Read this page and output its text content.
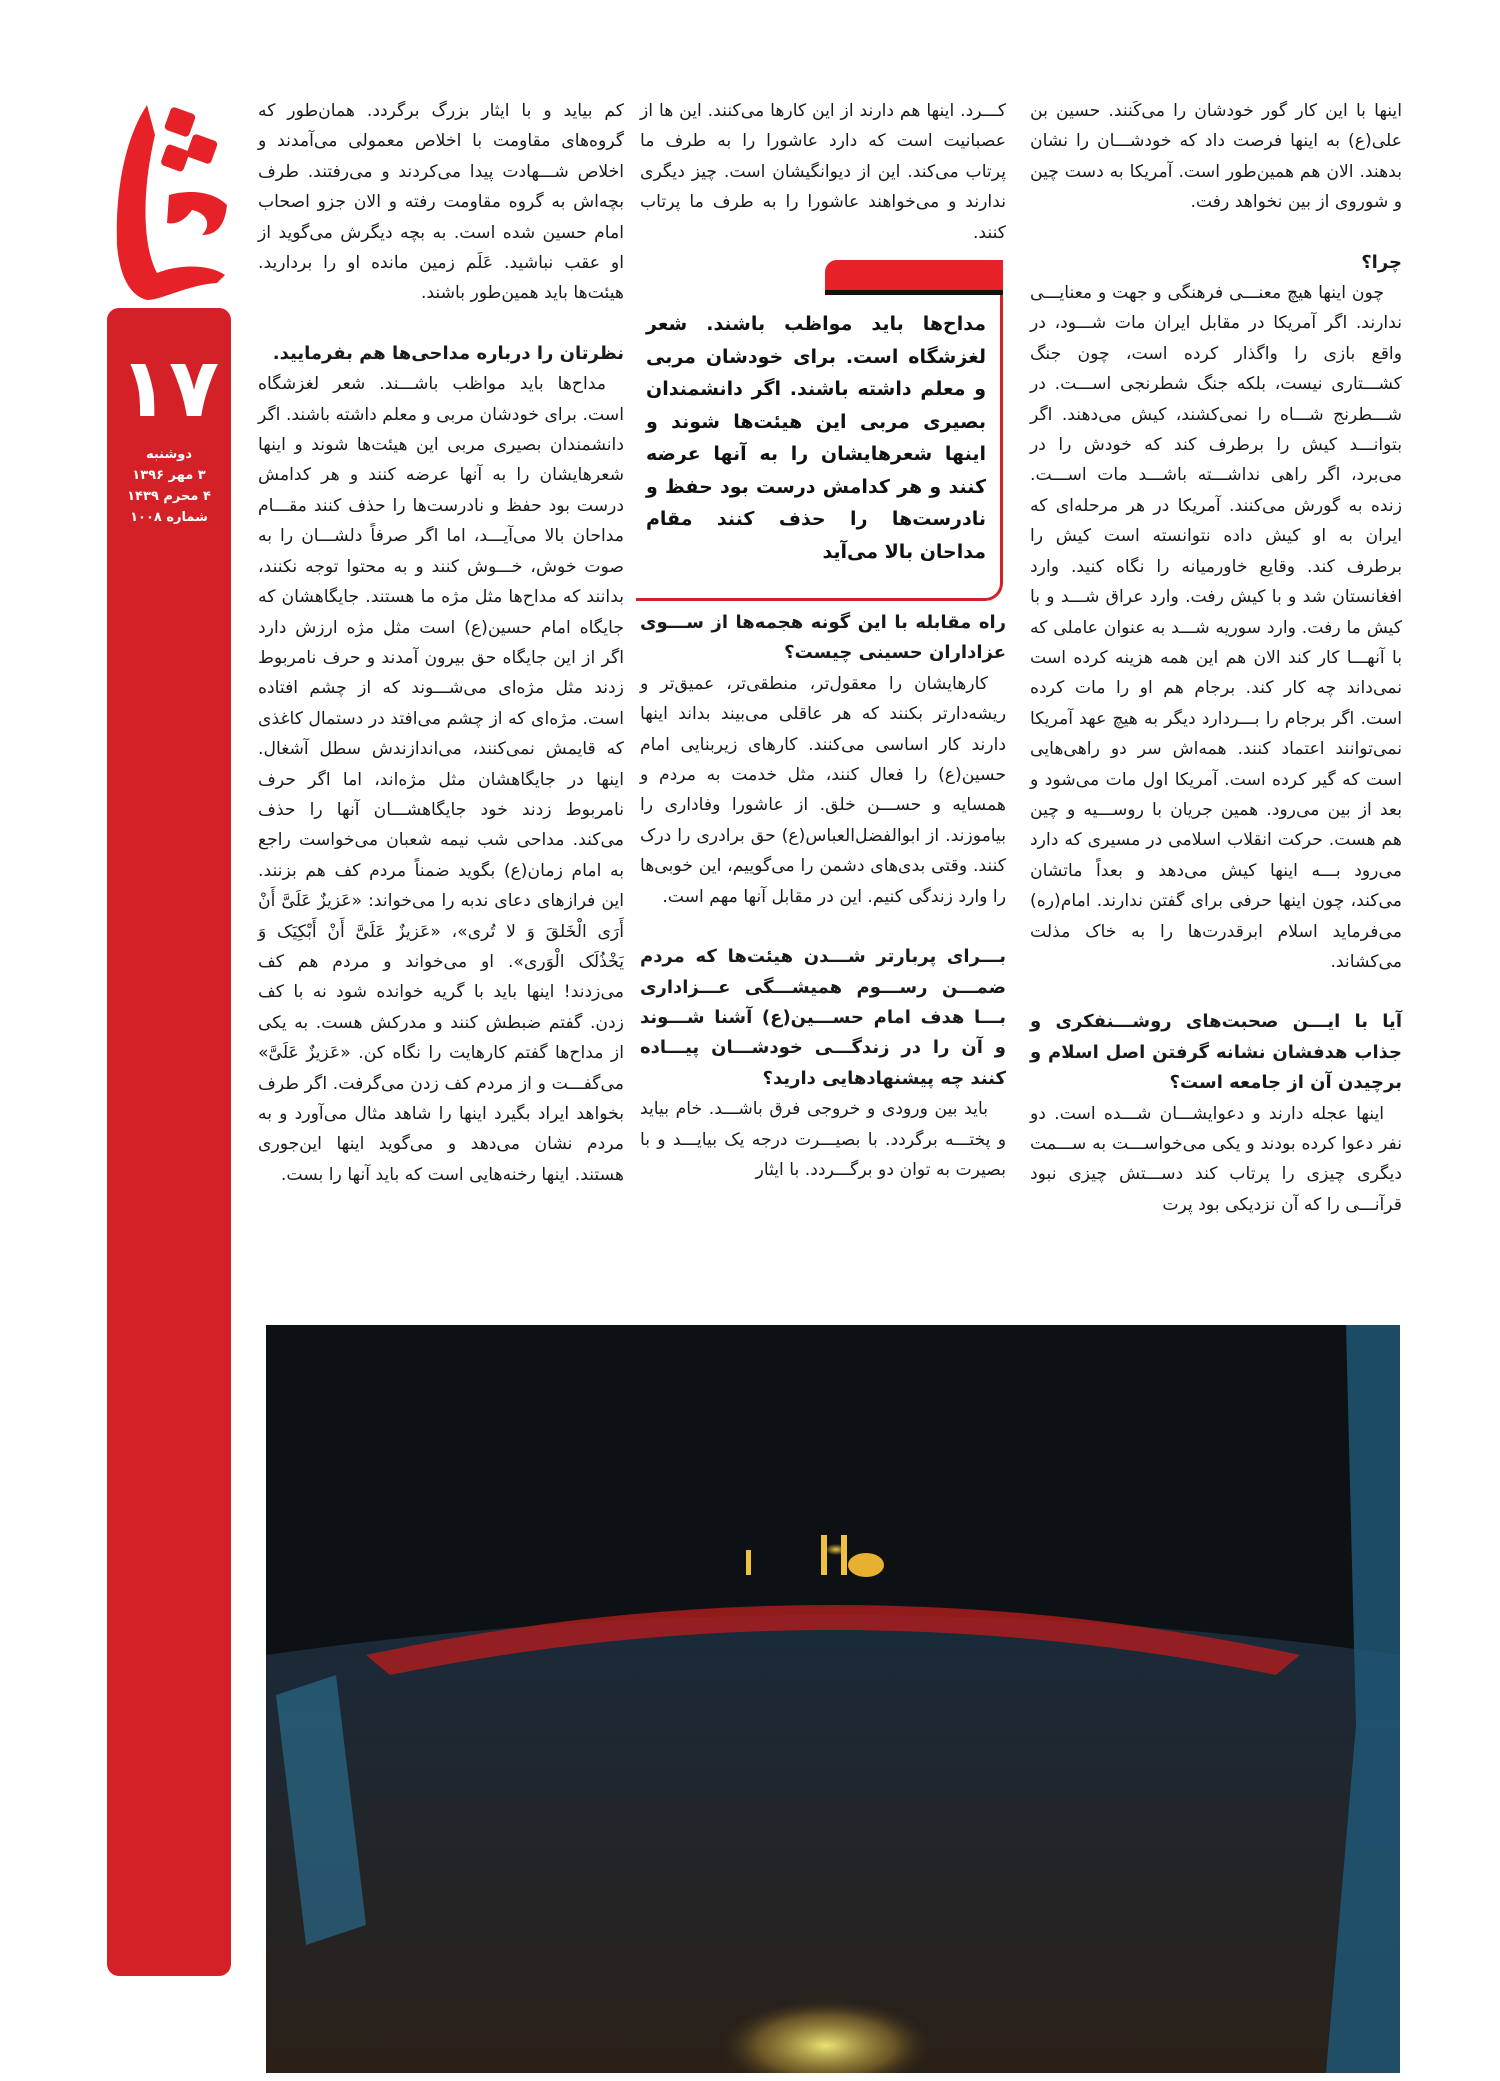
۱۷
دوشنبه
۳ مهر ۱۳۹۶
۴ محرم ۱۴۳۹
شماره ۱۰۰۸

اینها با این کار گور خودشان را می‌کَنند. حسین بن علی(ع) به اینها فرصت داد که خودشـــان را نشان بدهند. الان هم همین‌طور است. آمریکا به دست چین و شوروی از بین نخواهد رفت.

چرا؟

چون اینها هیچ معنـــی فرهنگی و جهت و معنایـــی ندارند. اگر آمریکا در مقابل ایران مات شـــود، در واقع بازی را واگذار کرده است، چون جنگ کشـــتاری نیست، بلکه جنگ شطرنجی اســـت. در شـــطرنج شـــاه را نمی‌کشند، کیش می‌دهند. اگر بتوانـــد کیش را برطرف کند که خودش را در می‌برد، اگر راهی نداشـــته باشـــد مات اســـت. زنده به گورش می‌کنند. آمریکا در هر مرحله‌ای که ایران به او کیش داده نتوانسته است کیش را برطرف کند. وقایع خاورمیانه را نگاه کنید. وارد افغانستان شد و با کیش رفت. وارد عراق شـــد و با کیش ما رفت. وارد سوریه شـــد به عنوان عاملی که با آنهـــا کار کند الان هم این همه هزینه کرده است نمی‌داند چه کار کند. برجام هم او را مات کرده است. اگر برجام را بـــردارد دیگر به هیچ عهد آمریکا نمی‌توانند اعتماد کنند. همه‌اش سر دو راهی‌هایی است که گیر کرده است. آمریکا اول مات می‌شود و بعد از بین می‌رود. همین جریان با روســـیه و چین هم هست. حرکت انقلاب اسلامی در مسیری که دارد می‌رود بـــه اینها کیش می‌دهد و بعداً ماتشان می‌کند، چون اینها حرفی برای گفتن ندارند. امام(ره) می‌فرماید اسلام ابرقدرت‌ها را به خاک مذلت می‌کشاند.

آیا با ایـــن صحبت‌های روشـــنفکری و جذاب هدفشان نشانه گرفتن اصل اسلام و برچیدن آن از جامعه است؟

اینها عجله دارند و دعوایشـــان شـــده است. دو نفر دعوا کرده بودند و یکی می‌خواســـت به ســـمت دیگری چیزی را پرتاب کند دســـتش چیزی نبود قرآنـــی را که آن نزدیکی بود پرت

کـــرد. اینها هم دارند از این کارها می‌کنند. این ها از عصبانیت است که دارد عاشورا را به طرف ما پرتاب می‌کند. این از دیوانگیشان است. چیز دیگری ندارند و می‌خواهند عاشورا را به طرف ما پرتاب کنند.

راه مقابله با این گونه هجمه‌ها از ســـوی عزاداران حسینی چیست؟

کارهایشان را معقول‌تر، منطقی‌تر، عمیق‌تر و ریشه‌دارتر بکنند که هر عاقلی می‌بیند بداند اینها دارند کار اساسی می‌کنند. کارهای زیربنایی امام حسین(ع) را فعال کنند، مثل خدمت به مردم و همسایه و حســـن خلق. از عاشورا وفاداری را بیاموزند. از ابوالفضل‌العباس(ع) حق برادری را درک کنند. وقتی بدی‌های دشمن را می‌گوییم، این خوبی‌ها را وارد زندگی کنیم. این در مقابل آنها مهم است.

بـــرای پربارتر شـــدن هیئت‌ها که مردم ضمـــن رســـوم همیشـــگی عـــزاداری بـــا هدف امام حســـین(ع) آشنا شـــوند و آن را در زندگـــی خودشـــان پیـــاده کنند چه پیشنهادهایی دارید؟

باید بین ورودی و خروجی فرق باشـــد. خام بیاید و پختـــه برگردد. با بصیـــرت درجه یک بیایـــد و با بصیرت به توان دو برگـــردد. با ایثار

مداح‌ها باید مواظب باشند. شعر لغزشگاه است. برای خودشان مربی و معلم داشته باشند. اگر دانشمندان بصیری مربی این هیئت‌ها شوند و اینها شعرهایشان را به آنها عرضه کنند و هر کدامش درست بود حفظ و نادرست‌ها را حذف کنند مقام مداحان بالا می‌آید

کم بیاید و با ایثار بزرگ برگردد. همان‌طور که گروه‌های مقاومت با اخلاص معمولی می‌آمدند و اخلاص شـــهادت پیدا می‌کردند و می‌رفتند. طرف بچه‌اش به گروه مقاومت رفته و الان جزو اصحاب امام حسین شده است. به بچه دیگرش می‌گوید از او عقب نباشید. عَلَم زمین مانده او را بردارید. هیئت‌ها باید همین‌طور باشند.

نظرتان را درباره مداحی‌ها هم بفرمایید.

مداح‌ها باید مواظب باشـــند. شعر لغزشگاه است. برای خودشان مربی و معلم داشته باشند. اگر دانشمندان بصیری مربی این هیئت‌ها شوند و اینها شعرهایشان را به آنها عرضه کنند و هر کدامش درست بود حفظ و نادرست‌ها را حذف کنند مقـــام مداحان بالا می‌آیـــد، اما اگر صرفاً دلشـــان را به صوت خوش، خـــوش کنند و به محتوا توجه نکنند، بدانند که مداح‌ها مثل مژه ما هستند. جایگاهشان که جایگاه امام حسین(ع) است مثل مژه ارزش دارد اگر از این جایگاه حق بیرون آمدند و حرف نامربوط زدند مثل مژه‌ای می‌شـــوند که از چشم افتاده است. مژه‌ای که از چشم می‌افتد در دستمال کاغذی که قایمش نمی‌کنند، می‌اندازندش سطل آشغال. اینها در جایگاهشان مثل مژه‌اند، اما اگر حرف نامربوط زدند خود جایگاهشـــان آنها را حذف می‌کند. مداحی شب نیمه شعبان می‌خواست راجع به امام زمان(ع) بگوید ضمناً مردم کف هم بزنند. این فرازهای دعای ندبه را می‌خواند: «عَزیزٌ عَلَیَّ أَنْ أَرَی الْخَلقَ وَ لا تُری»، «عَزیزٌ عَلَیَّ أَنْ أَبْکِیَک وَ یَخْذُلَک الْوَری». او می‌خواند و مردم هم کف می‌زدند! اینها باید با گریه خوانده شود نه با کف زدن. گفتم ضبطش کنند و مدرکش هست. به یکی از مداح‌ها گفتم کارهایت را نگاه کن. «عَزیزٌ عَلَیَّ» می‌گفـــت و از مردم کف زدن می‌گرفت. اگر طرف بخواهد ایراد بگیرد اینها را شاهد مثال می‌آورد و به مردم نشان می‌دهد و می‌گوید اینها این‌جوری هستند. اینها رخنه‌هایی است که باید آنها را بست.
